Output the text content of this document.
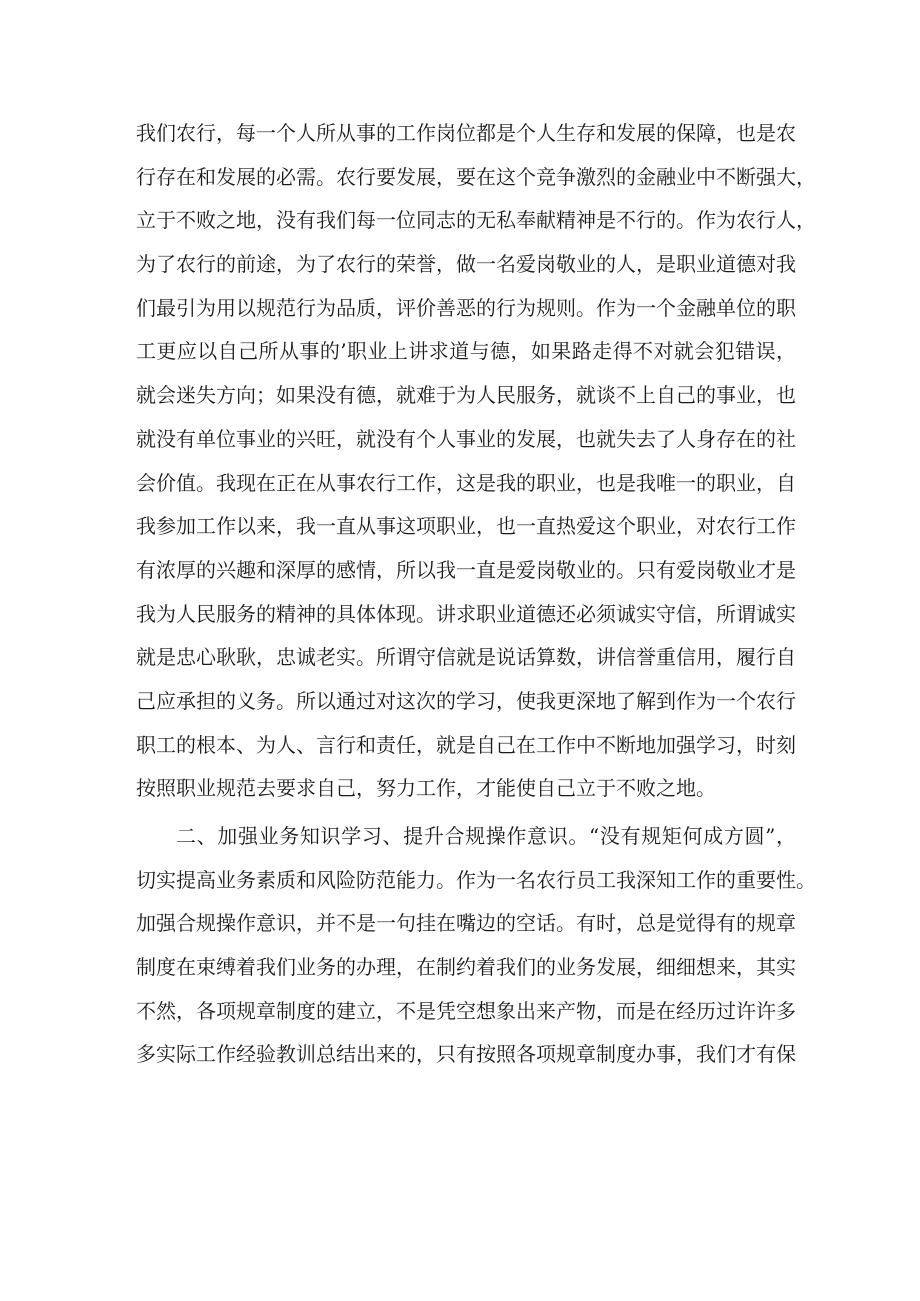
我们农行，每一个人所从事的工作岗位都是个人生存和发展的保障，也是农
行存在和发展的必需。农行要发展，要在这个竞争激烈的金融业中不断强大，
立于不败之地，没有我们每一位同志的无私奉献精神是不行的。作为农行人，
为了农行的前途，为了农行的荣誉，做一名爱岗敬业的人，是职业道德对我
们最引为用以规范行为品质，评价善恶的行为规则。作为一个金融单位的职
工更应以自己所从事的’职业上讲求道与德，如果路走得不对就会犯错误，
就会迷失方向；如果没有德，就难于为人民服务，就谈不上自己的事业，也
就没有单位事业的兴旺，就没有个人事业的发展，也就失去了人身存在的社
会价值。我现在正在从事农行工作，这是我的职业，也是我唯一的职业，自
我参加工作以来，我一直从事这项职业，也一直热爱这个职业，对农行工作
有浓厚的兴趣和深厚的感情，所以我一直是爱岗敬业的。只有爱岗敬业才是
我为人民服务的精神的具体体现。讲求职业道德还必须诚实守信，所谓诚实
就是忠心耿耿，忠诚老实。所谓守信就是说话算数，讲信誉重信用，履行自
己应承担的义务。所以通过对这次的学习，使我更深地了解到作为一个农行
职工的根本、为人、言行和责任，就是自己在工作中不断地加强学习，时刻
按照职业规范去要求自己，努力工作，才能使自己立于不败之地。
二、加强业务知识学习、提升合规操作意识。“没有规矩何成方圆”，
切实提高业务素质和风险防范能力。作为一名农行员工我深知工作的重要性。
加强合规操作意识，并不是一句挂在嘴边的空话。有时，总是觉得有的规章
制度在束缚着我们业务的办理，在制约着我们的业务发展，细细想来，其实
不然，各项规章制度的建立，不是凭空想象出来产物，而是在经历过许许多
多实际工作经验教训总结出来的，只有按照各项规章制度办事，我们才有保
